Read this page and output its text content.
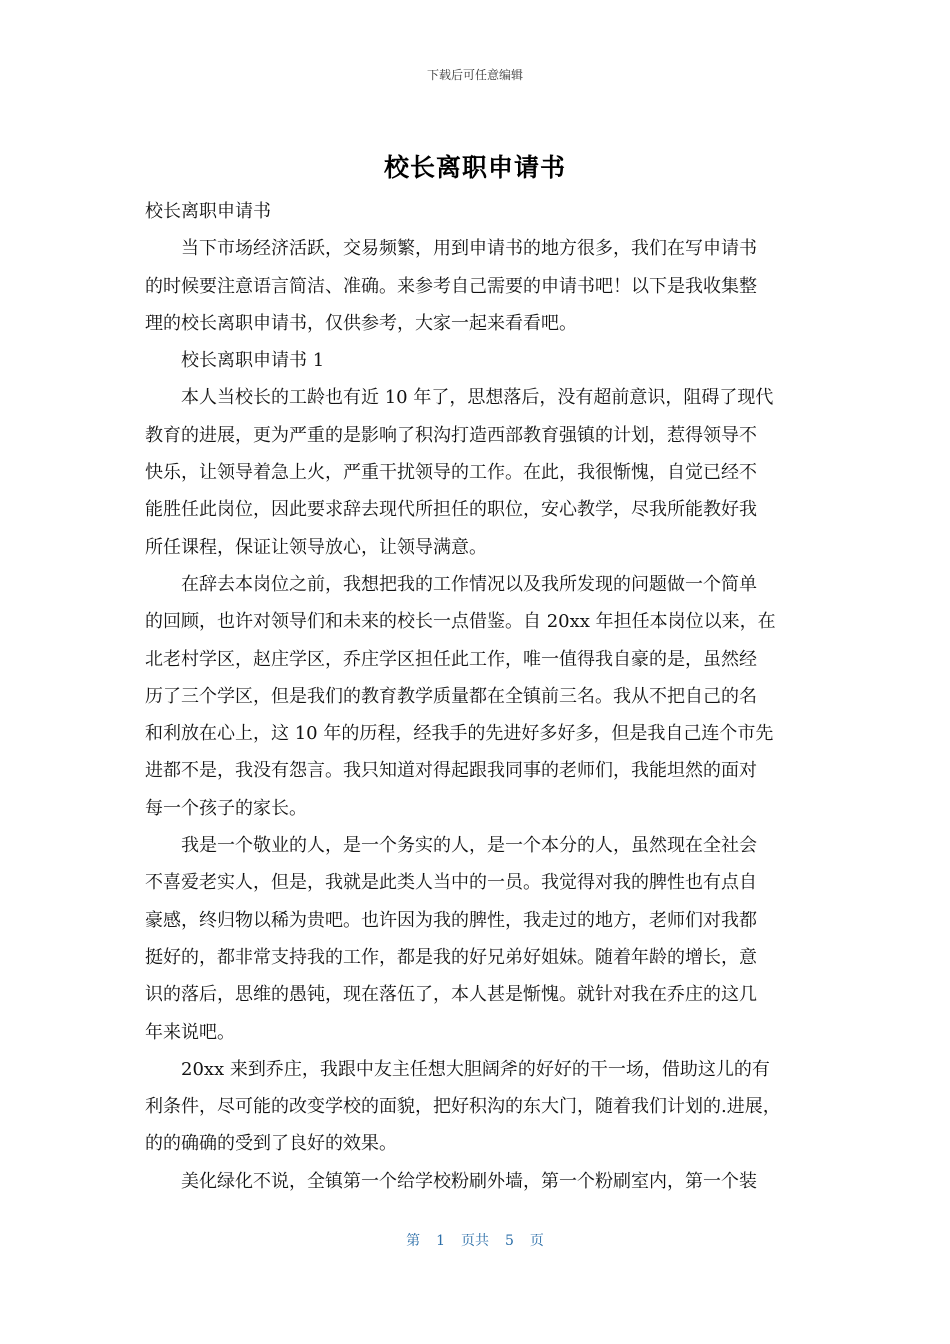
下载后可任意编辑
校长离职申请书
校长离职申请书
　　当下市场经济活跃，交易频繁，用到申请书的地方很多，我们在写申请书
的时候要注意语言简洁、准确。来参考自己需要的申请书吧！以下是我收集整
理的校长离职申请书，仅供参考，大家一起来看看吧。
　　校长离职申请书 1
　　本人当校长的工龄也有近 10 年了，思想落后，没有超前意识，阻碍了现代
教育的进展，更为严重的是影响了积沟打造西部教育强镇的计划，惹得领导不
快乐，让领导着急上火，严重干扰领导的工作。在此，我很惭愧，自觉已经不
能胜任此岗位，因此要求辞去现代所担任的职位，安心教学，尽我所能教好我
所任课程，保证让领导放心，让领导满意。
　　在辞去本岗位之前，我想把我的工作情况以及我所发现的问题做一个简单
的回顾，也许对领导们和未来的校长一点借鉴。自 20xx 年担任本岗位以来，在
北老村学区，赵庄学区，乔庄学区担任此工作，唯一值得我自豪的是，虽然经
历了三个学区，但是我们的教育教学质量都在全镇前三名。我从不把自己的名
和利放在心上，这 10 年的历程，经我手的先进好多好多，但是我自己连个市先
进都不是，我没有怨言。我只知道对得起跟我同事的老师们，我能坦然的面对
每一个孩子的家长。
　　我是一个敬业的人，是一个务实的人，是一个本分的人，虽然现在全社会
不喜爱老实人，但是，我就是此类人当中的一员。我觉得对我的脾性也有点自
豪感，终归物以稀为贵吧。也许因为我的脾性，我走过的地方，老师们对我都
挺好的，都非常支持我的工作，都是我的好兄弟好姐妹。随着年龄的增长，意
识的落后，思维的愚钝，现在落伍了，本人甚是惭愧。就针对我在乔庄的这几
年来说吧。
　　20xx 来到乔庄，我跟中友主任想大胆阔斧的好好的干一场，借助这儿的有
利条件，尽可能的改变学校的面貌，把好积沟的东大门，随着我们计划的.进展，
的的确确的受到了良好的效果。
　　美化绿化不说，全镇第一个给学校粉刷外墙，第一个粉刷室内，第一个装
第 1 页共 5 页
